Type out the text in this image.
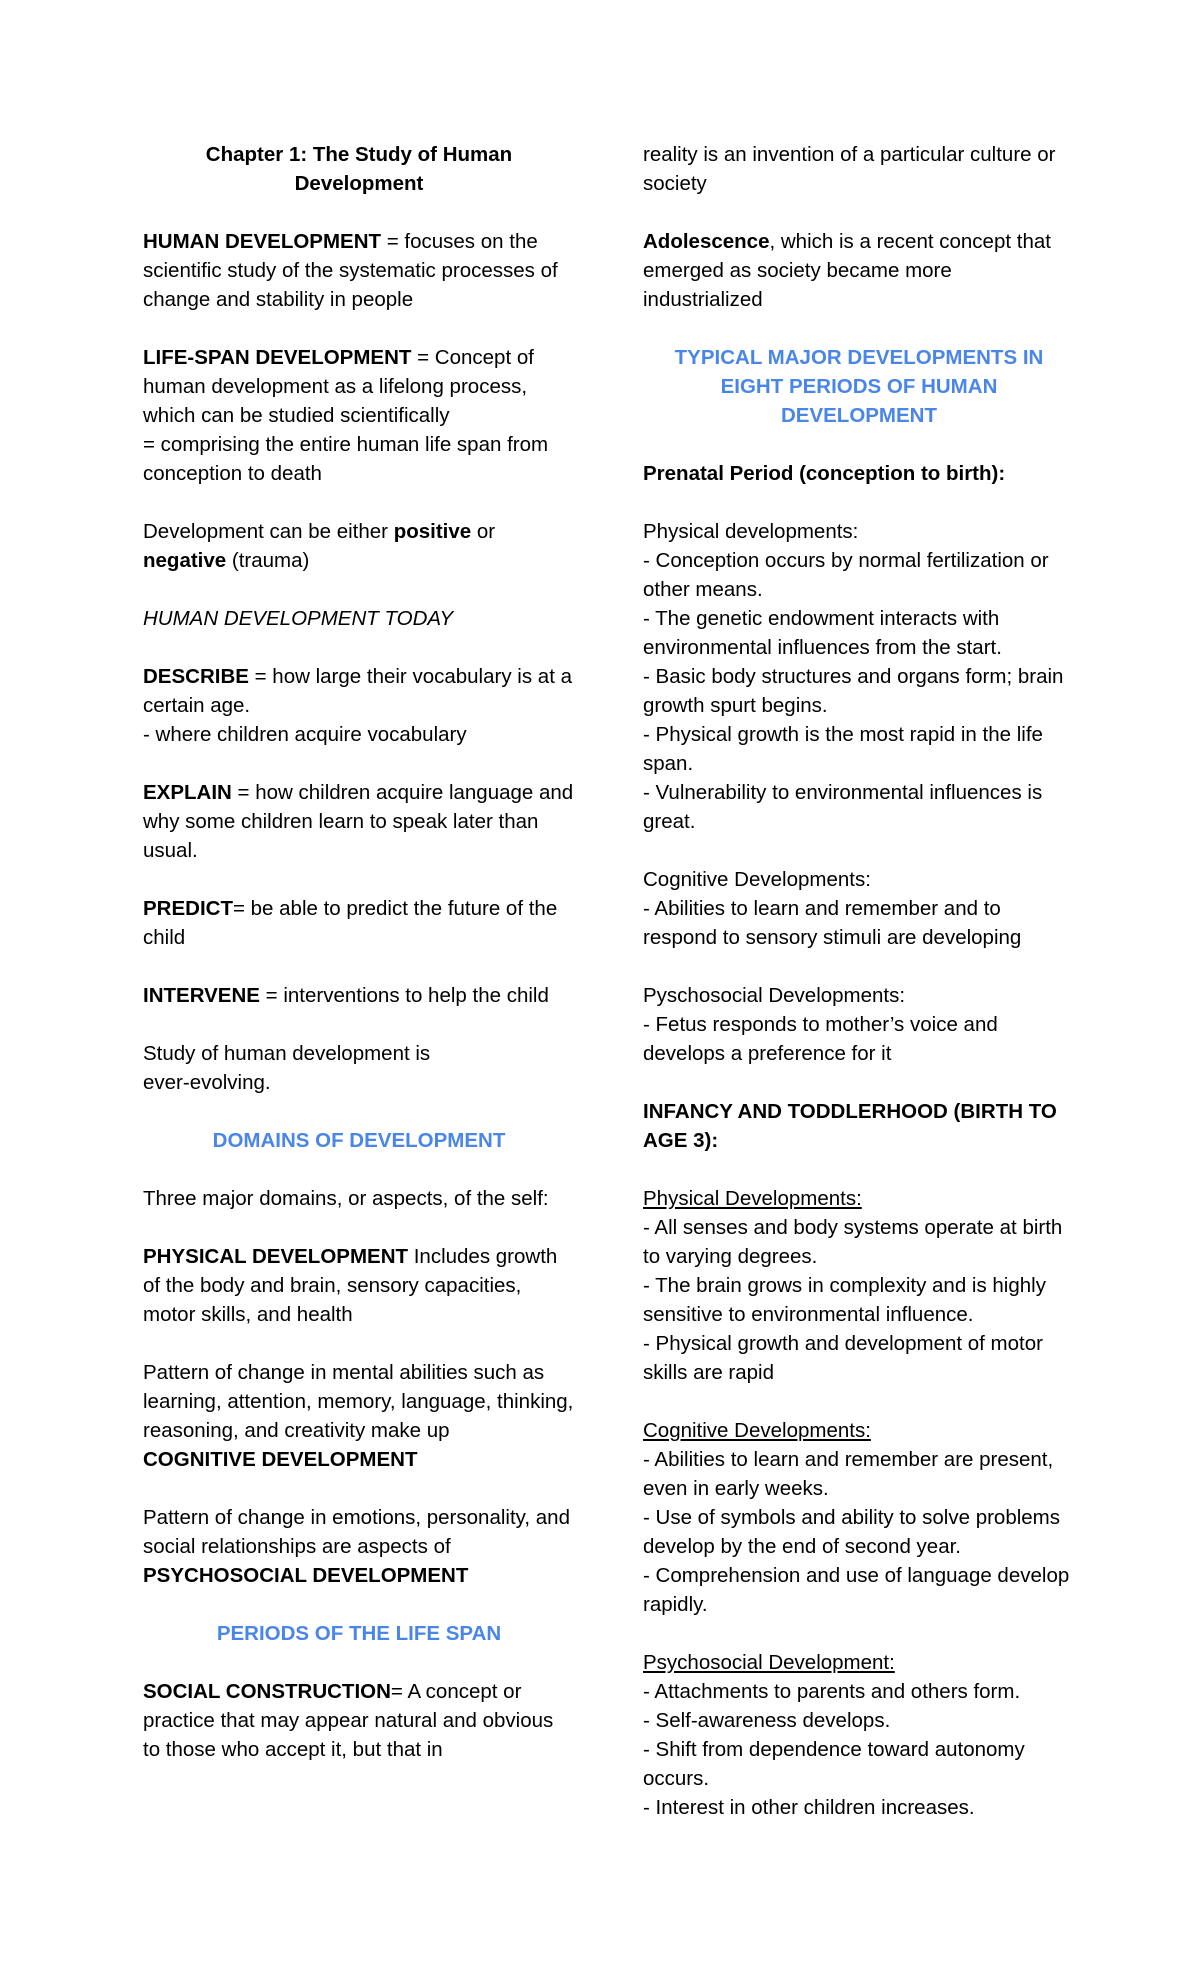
Chapter 1: The Study of Human
Development
HUMAN DEVELOPMENT = focuses on the scientific study of the systematic processes of change and stability in people
LIFE-SPAN DEVELOPMENT = Concept of human development as a lifelong process, which can be studied scientifically
= comprising the entire human life span from conception to death
Development can be either positive or negative (trauma)
HUMAN DEVELOPMENT TODAY
DESCRIBE = how large their vocabulary is at a certain age.
- where children acquire vocabulary
EXPLAIN = how children acquire language and why some children learn to speak later than usual.
PREDICT= be able to predict the future of the child
INTERVENE = interventions to help the child
Study of human development is
ever-evolving.
DOMAINS OF DEVELOPMENT
Three major domains, or aspects, of the self:
PHYSICAL DEVELOPMENT Includes growth of the body and brain, sensory capacities, motor skills, and health
Pattern of change in mental abilities such as learning, attention, memory, language, thinking, reasoning, and creativity make up
COGNITIVE DEVELOPMENT
Pattern of change in emotions, personality, and social relationships are aspects of
PSYCHOSOCIAL DEVELOPMENT
PERIODS OF THE LIFE SPAN
SOCIAL CONSTRUCTION= A concept or practice that may appear natural and obvious to those who accept it, but that in
reality is an invention of a particular culture or society
Adolescence, which is a recent concept that emerged as society became more industrialized
TYPICAL MAJOR DEVELOPMENTS IN
EIGHT PERIODS OF HUMAN
DEVELOPMENT
Prenatal Period (conception to birth):
Physical developments:
- Conception occurs by normal fertilization or other means.
- The genetic endowment interacts with environmental influences from the start.
- Basic body structures and organs form; brain growth spurt begins.
- Physical growth is the most rapid in the life span.
- Vulnerability to environmental influences is great.
Cognitive Developments:
- Abilities to learn and remember and to respond to sensory stimuli are developing
Pyschosocial Developments:
- Fetus responds to mother’s voice and develops a preference for it
INFANCY AND TODDLERHOOD (BIRTH TO AGE 3):
Physical Developments:
- All senses and body systems operate at birth to varying degrees.
- The brain grows in complexity and is highly sensitive to environmental influence.
- Physical growth and development of motor skills are rapid
Cognitive Developments:
- Abilities to learn and remember are present, even in early weeks.
- Use of symbols and ability to solve problems develop by the end of second year.
- Comprehension and use of language develop rapidly.
Psychosocial Development:
- Attachments to parents and others form.
- Self-awareness develops.
- Shift from dependence toward autonomy occurs.
- Interest in other children increases.
